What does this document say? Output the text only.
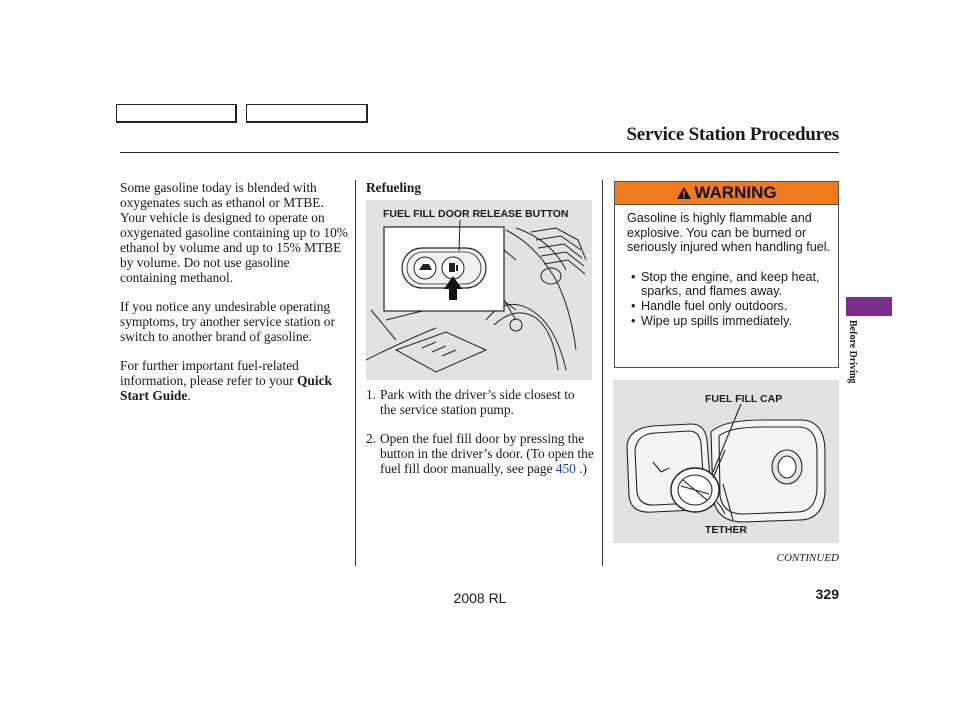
Service Station Procedures

Some gasoline today is blended with oxygenates such as ethanol or MTBE. Your vehicle is designed to operate on oxygenated gasoline containing up to 10% ethanol by volume and up to 15% MTBE by volume. Do not use gasoline containing methanol.

If you notice any undesirable operating symptoms, try another service station or switch to another brand of gasoline.

For further important fuel-related information, please refer to your Quick Start Guide.

Refueling
FUEL FILL DOOR RELEASE BUTTON
1. Park with the driver’s side closest to the service station pump.
2. Open the fuel fill door by pressing the button in the driver’s door. (To open the fuel fill door manually, see page 450 .)
WARNING

Gasoline is highly flammable and explosive. You can be burned or seriously injured when handling fuel.

• Stop the engine, and keep heat, sparks, and flames away.
• Handle fuel only outdoors.
• Wipe up spills immediately.
FUEL FILL CAP
TETHER
Before Driving
CONTINUED
2008 RL	329
